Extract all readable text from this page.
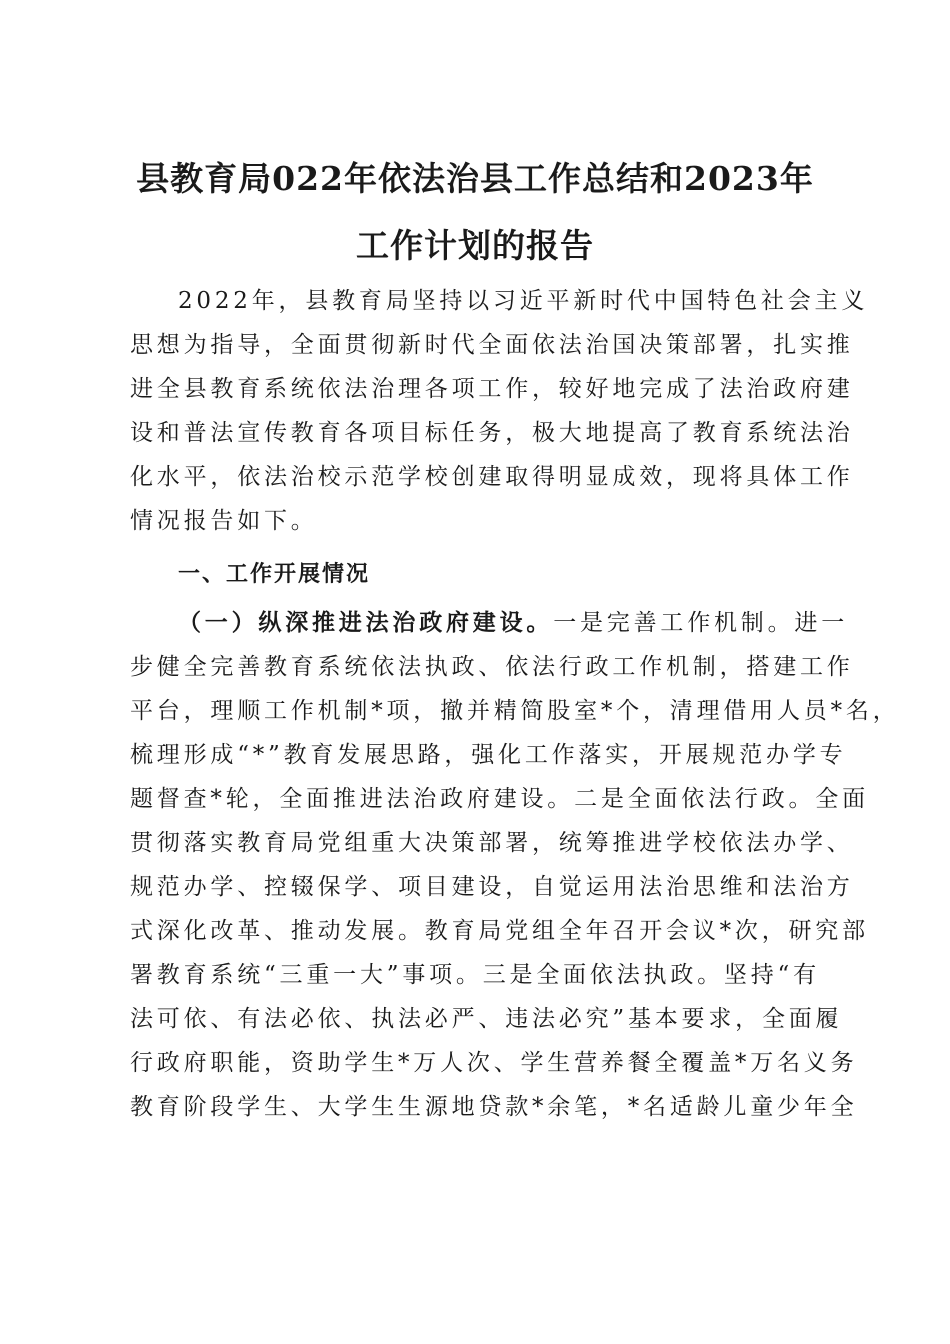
县教育局022年依法治县工作总结和2023年
工作计划的报告
2022年，县教育局坚持以习近平新时代中国特色社会主义
思想为指导，全面贯彻新时代全面依法治国决策部署，扎实推
进全县教育系统依法治理各项工作，较好地完成了法治政府建
设和普法宣传教育各项目标任务，极大地提高了教育系统法治
化水平，依法治校示范学校创建取得明显成效，现将具体工作
情况报告如下。
一、工作开展情况
（一）纵深推进法治政府建设。一是完善工作机制。进一
步健全完善教育系统依法执政、依法行政工作机制，搭建工作
平台，理顺工作机制*项，撤并精简股室*个，清理借用人员*名，
梳理形成“*”教育发展思路，强化工作落实，开展规范办学专
题督查*轮，全面推进法治政府建设。二是全面依法行政。全面
贯彻落实教育局党组重大决策部署，统筹推进学校依法办学、
规范办学、控辍保学、项目建设，自觉运用法治思维和法治方
式深化改革、推动发展。教育局党组全年召开会议*次，研究部
署教育系统“三重一大”事项。三是全面依法执政。坚持“有
法可依、有法必依、执法必严、违法必究”基本要求，全面履
行政府职能，资助学生*万人次、学生营养餐全覆盖*万名义务
教育阶段学生、大学生生源地贷款*余笔，*名适龄儿童少年全
